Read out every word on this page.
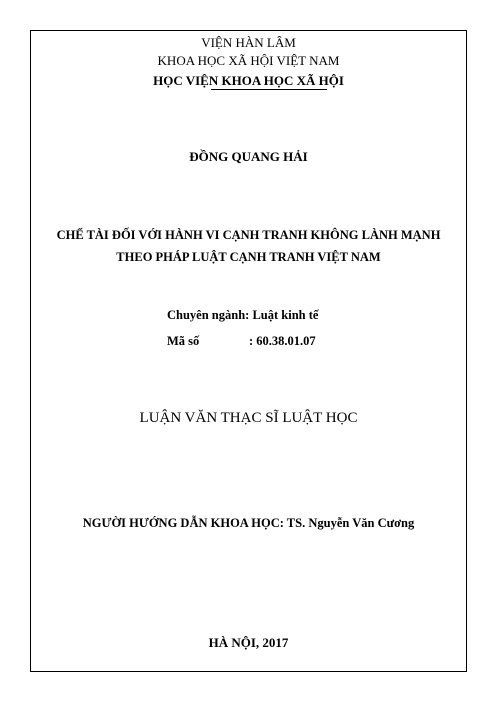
VIỆN HÀN LÂM
KHOA HỌC XÃ HỘI VIỆT NAM
HỌC VIỆN KHOA HỌC XÃ HỘI
ĐỒNG QUANG HẢI
CHẾ TÀI ĐỐI VỚI HÀNH VI CẠNH TRANH KHÔNG LÀNH MẠNH
THEO PHÁP LUẬT CẠNH TRANH VIỆT NAM
Chuyên ngành: Luật kinh tế
Mã số	: 60.38.01.07
LUẬN VĂN THẠC SĨ LUẬT HỌC
NGƯỜI HƯỚNG DẪN KHOA HỌC: TS. Nguyễn Văn Cương
HÀ NỘI, 2017
